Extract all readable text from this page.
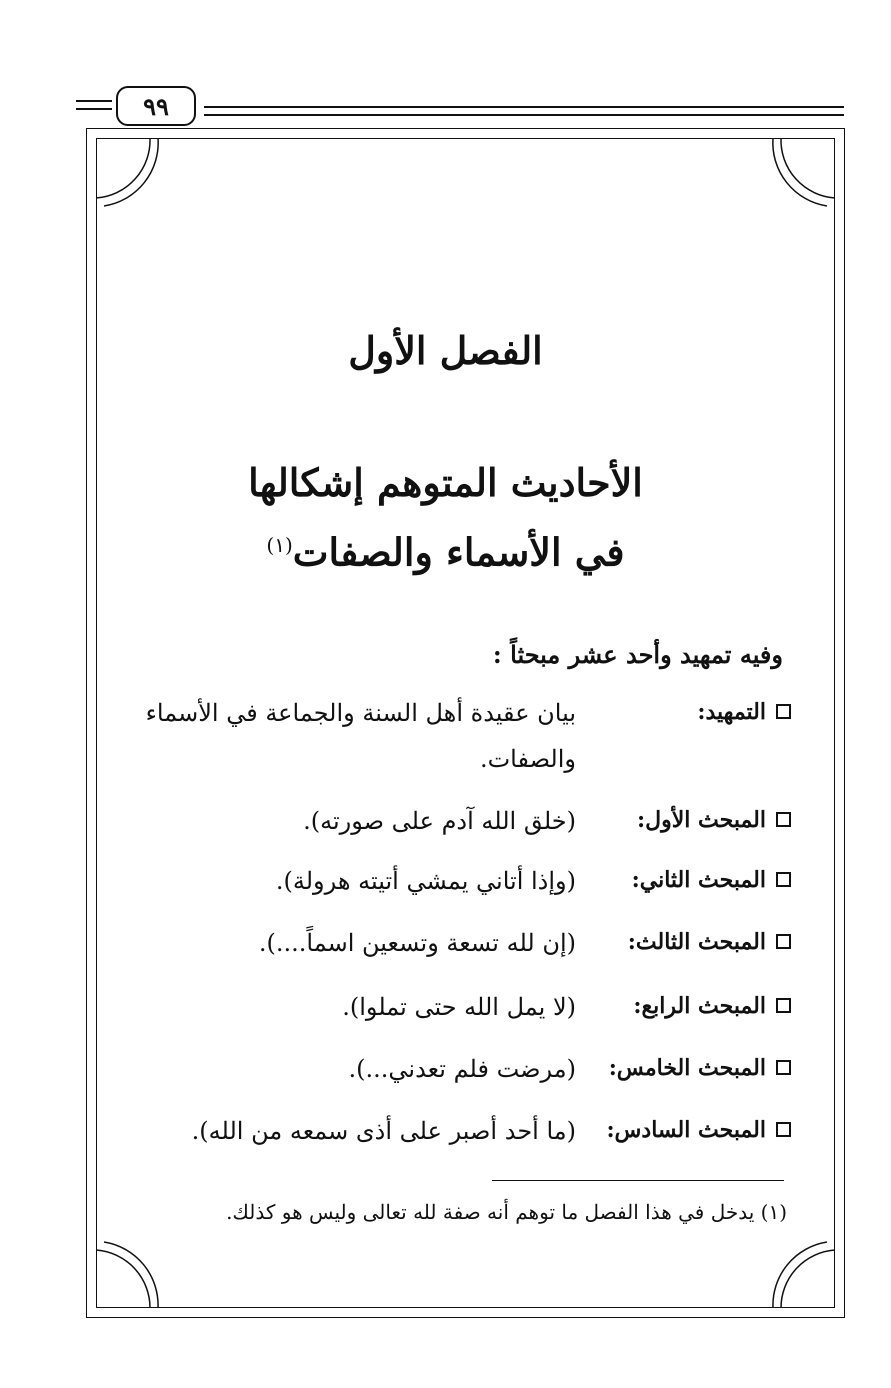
٩٩
الفصل الأول
الأحاديث المتوهم إشكالها
في الأسماء والصفات$^{(١)}$
وفيه تمهيد وأحد عشر مبحثاً :
التمهيد:
بيان عقيدة أهل السنة والجماعة في الأسماء والصفات.
المبحث الأول:
(خلق الله آدم على صورته).
المبحث الثاني:
(وإذا أتاني يمشي أتيته هرولة).
المبحث الثالث:
(إن لله تسعة وتسعين اسماً....).
المبحث الرابع:
(لا يمل الله حتى تملوا).
المبحث الخامس:
(مرضت فلم تعدني...).
المبحث السادس:
(ما أحد أصبر على أذى سمعه من الله).
(١) يدخل في هذا الفصل ما توهم أنه صفة لله تعالى وليس هو كذلك.
